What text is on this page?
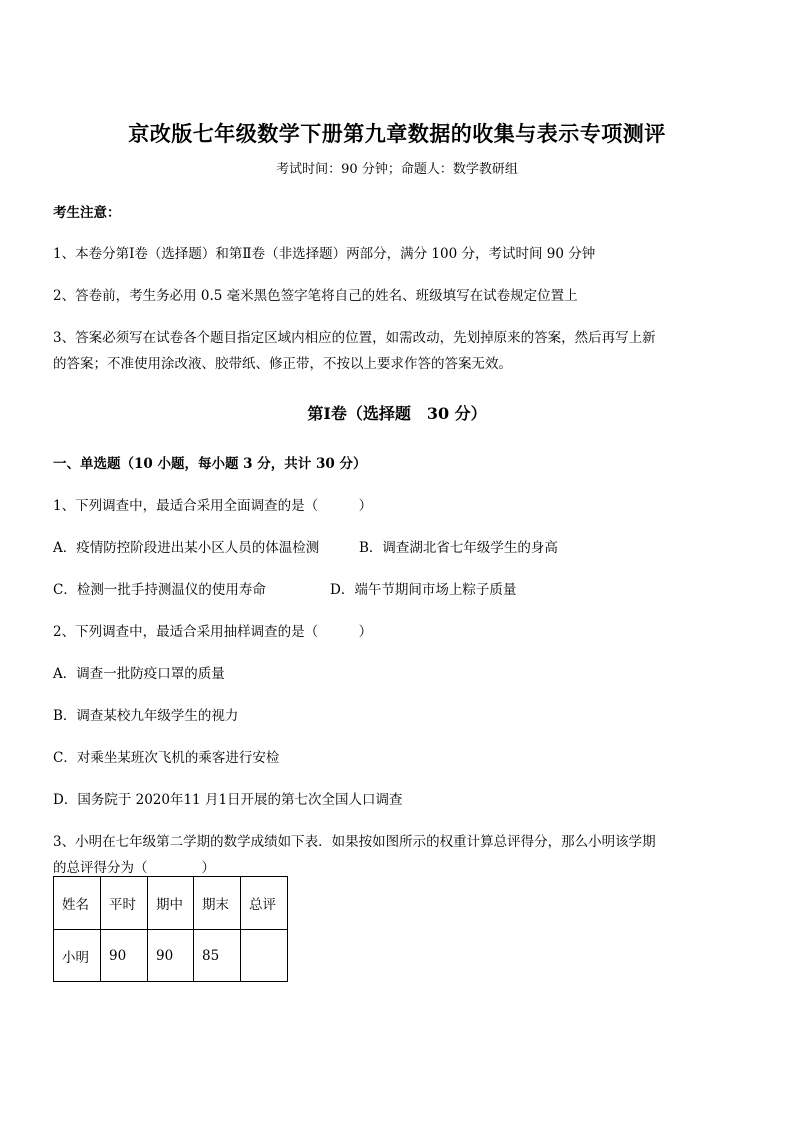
京改版七年级数学下册第九章数据的收集与表示专项测评
考试时间：90 分钟；命题人：数学教研组
考生注意：
1、本卷分第Ⅰ卷（选择题）和第Ⅱ卷（非选择题）两部分，满分 100 分，考试时间 90 分钟
2、答卷前，考生务必用 0.5 毫米黑色签字笔将自己的姓名、班级填写在试卷规定位置上
3、答案必须写在试卷各个题目指定区域内相应的位置，如需改动，先划掉原来的答案，然后再写上新
的答案；不准使用涂改液、胶带纸、修正带，不按以上要求作答的答案无效。
第Ⅰ卷（选择题　30 分）
一、单选题（10 小题，每小题 3 分，共计 30 分）
1、下列调查中，最适合采用全面调查的是（　　　）
A．疫情防控阶段进出某小区人员的体温检测	B．调查湖北省七年级学生的身高
C．检测一批手持测温仪的使用寿命	D．端午节期间市场上粽子质量
2、下列调查中，最适合采用抽样调查的是（　　　）
A．调查一批防疫口罩的质量
B．调查某校九年级学生的视力
C．对乘坐某班次飞机的乘客进行安检
D．国务院于 2020年11 月1日开展的第七次全国人口调查
3、小明在七年级第二学期的数学成绩如下表．如果按如图所示的权重计算总评得分，那么小明该学期
的总评得分为（　　　　）
姓名	平时	期中	期末	总评
小明	90	90	85	
